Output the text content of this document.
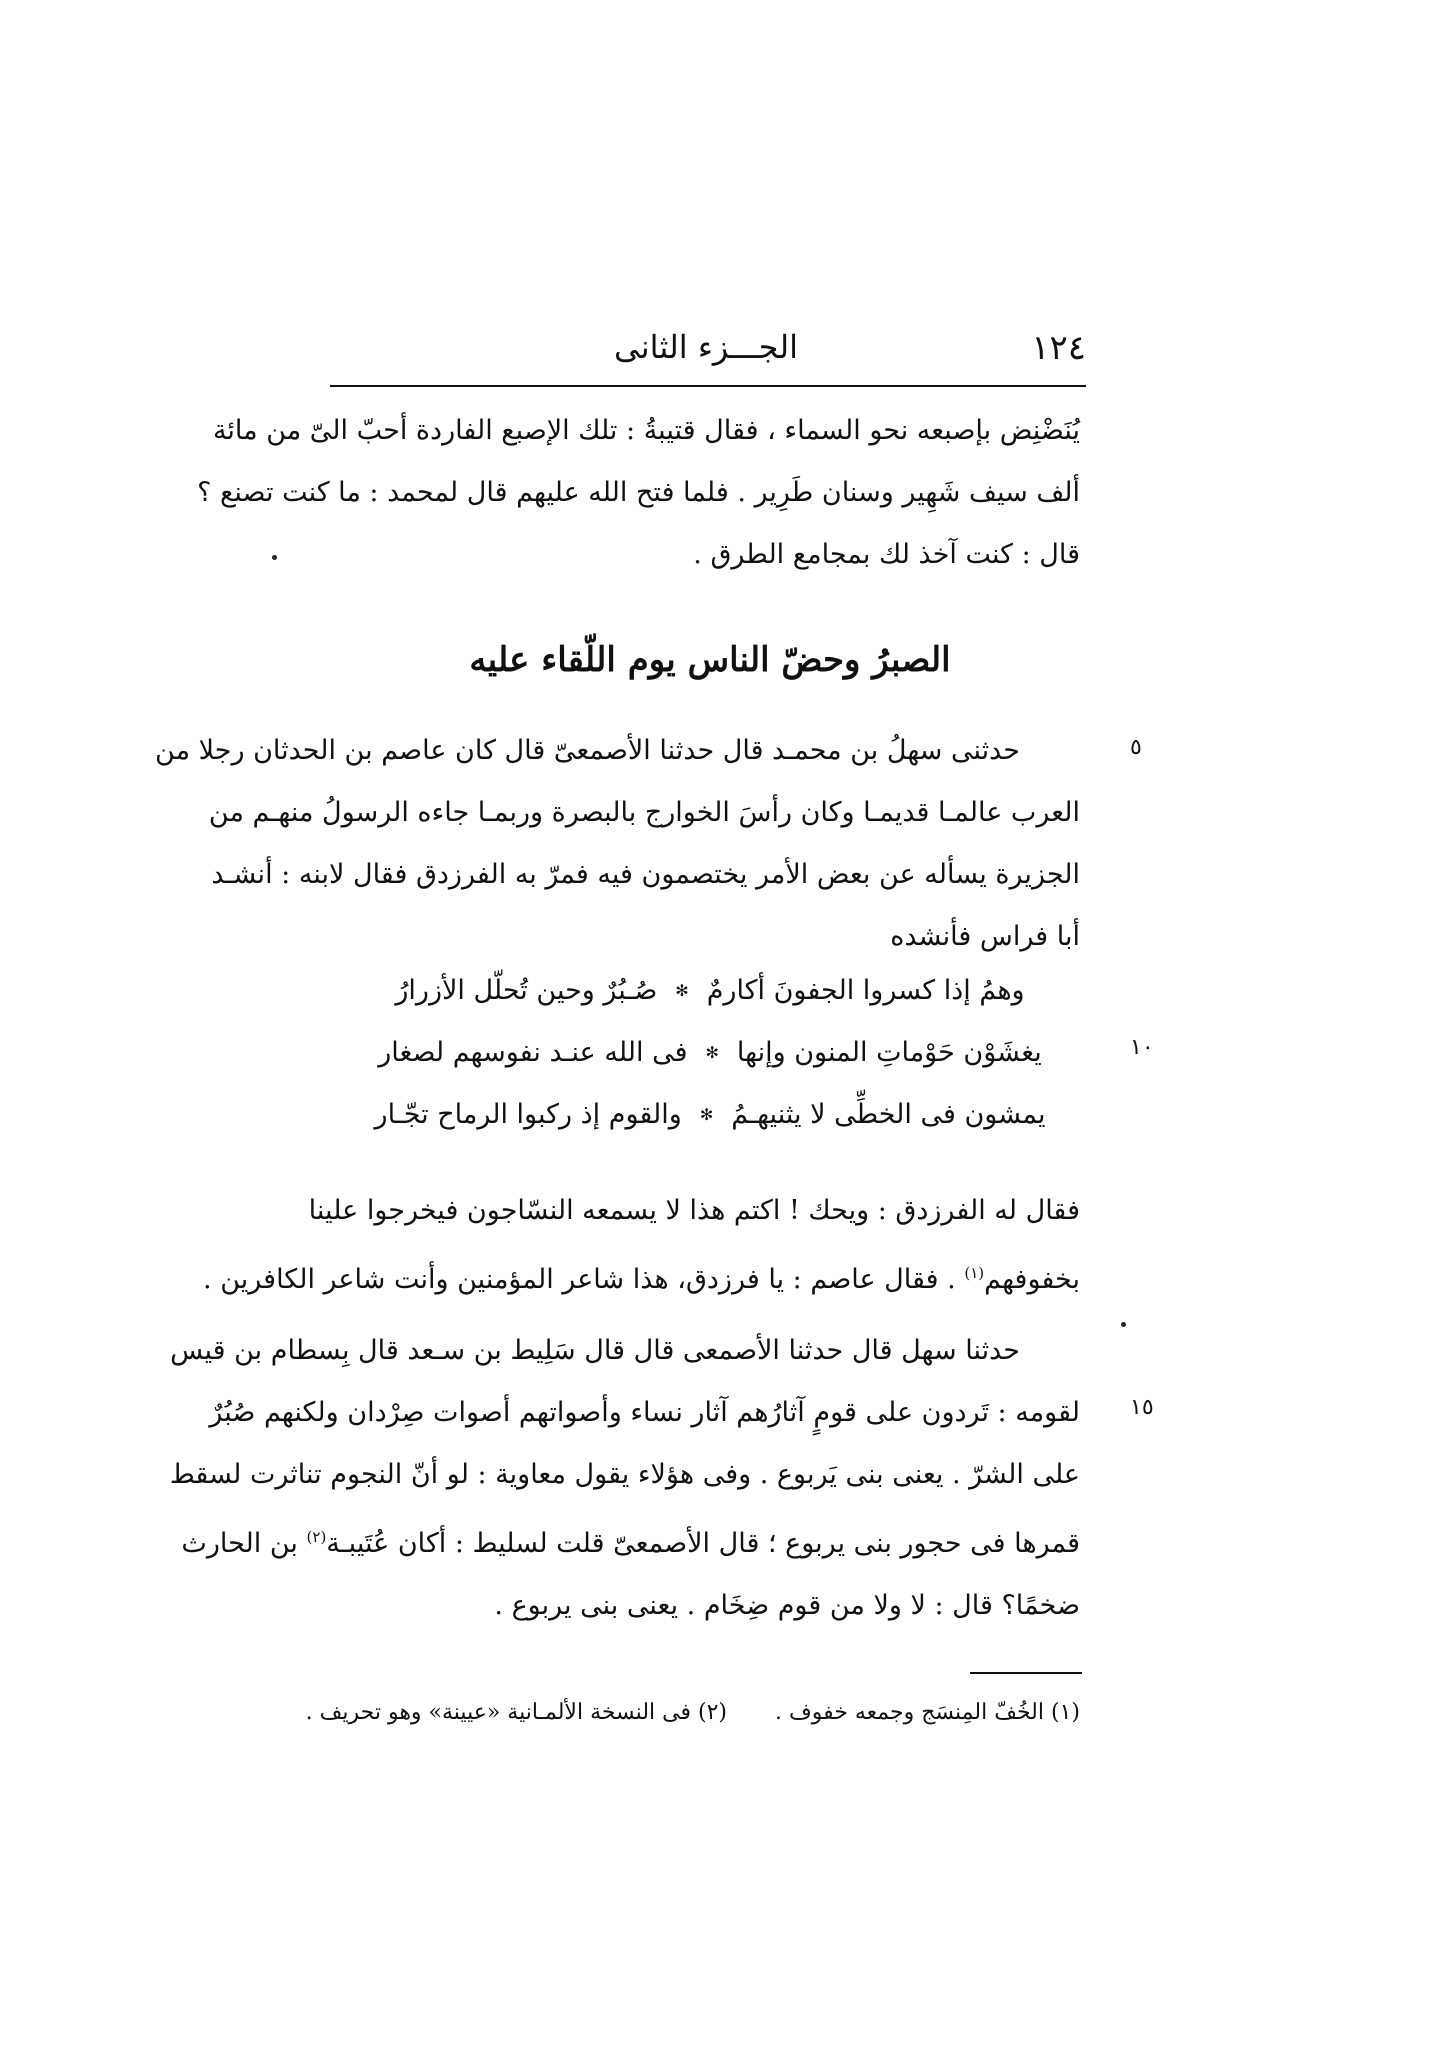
١٢٤
الجـــزء الثانى
يُنَضْنِض بإصبعه نحو السماء ، فقال قتيبةُ : تلك الإصبع الفاردة أحبّ الىّ من مائة
ألف سيف شَهِير وسنان طَرِير . فلما فتح الله عليهم قال لمحمد : ما كنت تصنع ؟
قال : كنت آخذ لك بمجامع الطرق .
الصبرُ وحضّ الناس يوم اللّقاء عليه
حدثنى سهلُ بن محمـد قال حدثنا الأصمعىّ قال كان عاصم بن الحدثان رجلا من
العرب عالمـا قديمـا وكان رأسَ الخوارج بالبصرة وربمـا جاءه الرسولُ منهـم من
الجزيرة يسأله عن بعض الأمر يختصمون فيه فمرّ به الفرزدق فقال لابنه : أنشـد
أبا فراس فأنشده
٥
وهمُ إذا كسروا الجفونَ أكارمٌ
✻
صُـبُرٌ وحين تُحلّل الأزرارُ
يغشَوْن حَوْماتِ المنون وإنها
✻
فى الله عنـد نفوسهم لصغار
يمشون فى الخطِّى لا يثنيهـمُ
✻
والقوم إذ ركبوا الرماح تجّـار
١٠
فقال له الفرزدق : ويحك ! اكتم هذا لا يسمعه النسّاجون فيخرجوا علينا
بخفوفهم$^{(١)}$ . فقال عاصم : يا فرزدق، هذا شاعر المؤمنين وأنت شاعر الكافرين .
حدثنا سهل قال حدثنا الأصمعى قال قال سَلِيط بن سـعد قال بِسطام بن قيس
لقومه : تَردون على قومٍ آثارُهم آثار نساء وأصواتهم أصوات صِرْدان ولكنهم صُبُرٌ
على الشرّ . يعنى بنى يَربوع . وفى هؤلاء يقول معاوية : لو أنّ النجوم تناثرت لسقط
قمرها فى حجور بنى يربوع ؛ قال الأصمعىّ قلت لسليط : أكان عُتَيبـة$^{(٢)}$ بن الحارث
ضخمًا؟ قال : لا ولا من قوم ضِخَام . يعنى بنى يربوع .
١٥
(١) الخُفّ المِنسَج وجمعه خفوف .
(٢) فى النسخة الألمـانية «عيينة» وهو تحريف .
